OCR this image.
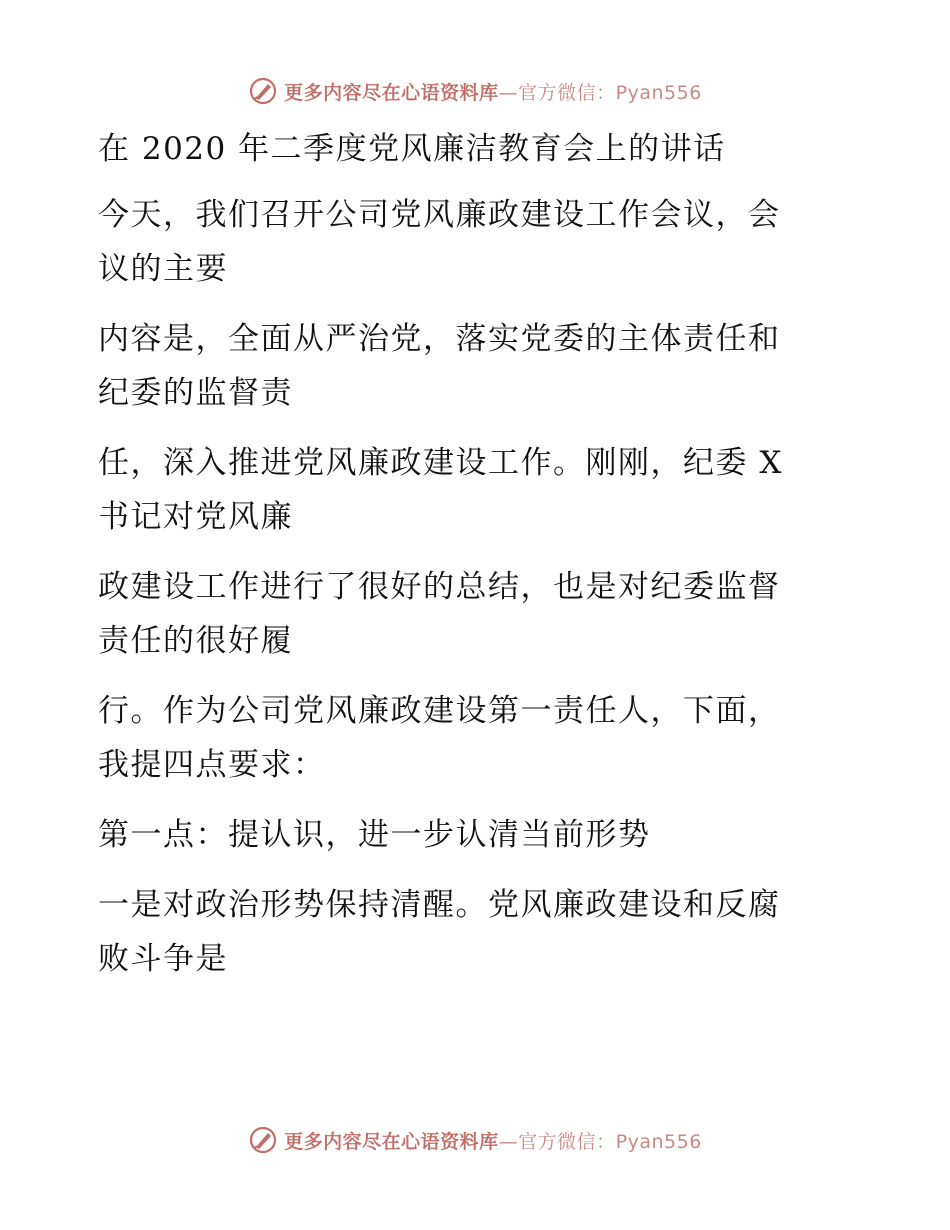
更多内容尽在心语资料库—官方微信：Pyan556

在 2020 年二季度党风廉洁教育会上的讲话

今天，我们召开公司党风廉政建设工作会议，会
议的主要

内容是，全面从严治党，落实党委的主体责任和
纪委的监督责

任，深入推进党风廉政建设工作。刚刚，纪委 X
书记对党风廉

政建设工作进行了很好的总结，也是对纪委监督
责任的很好履

行。作为公司党风廉政建设第一责任人，下面，
我提四点要求：

第一点：提认识，进一步认清当前形势

一是对政治形势保持清醒。党风廉政建设和反腐
败斗争是

更多内容尽在心语资料库—官方微信：Pyan556
